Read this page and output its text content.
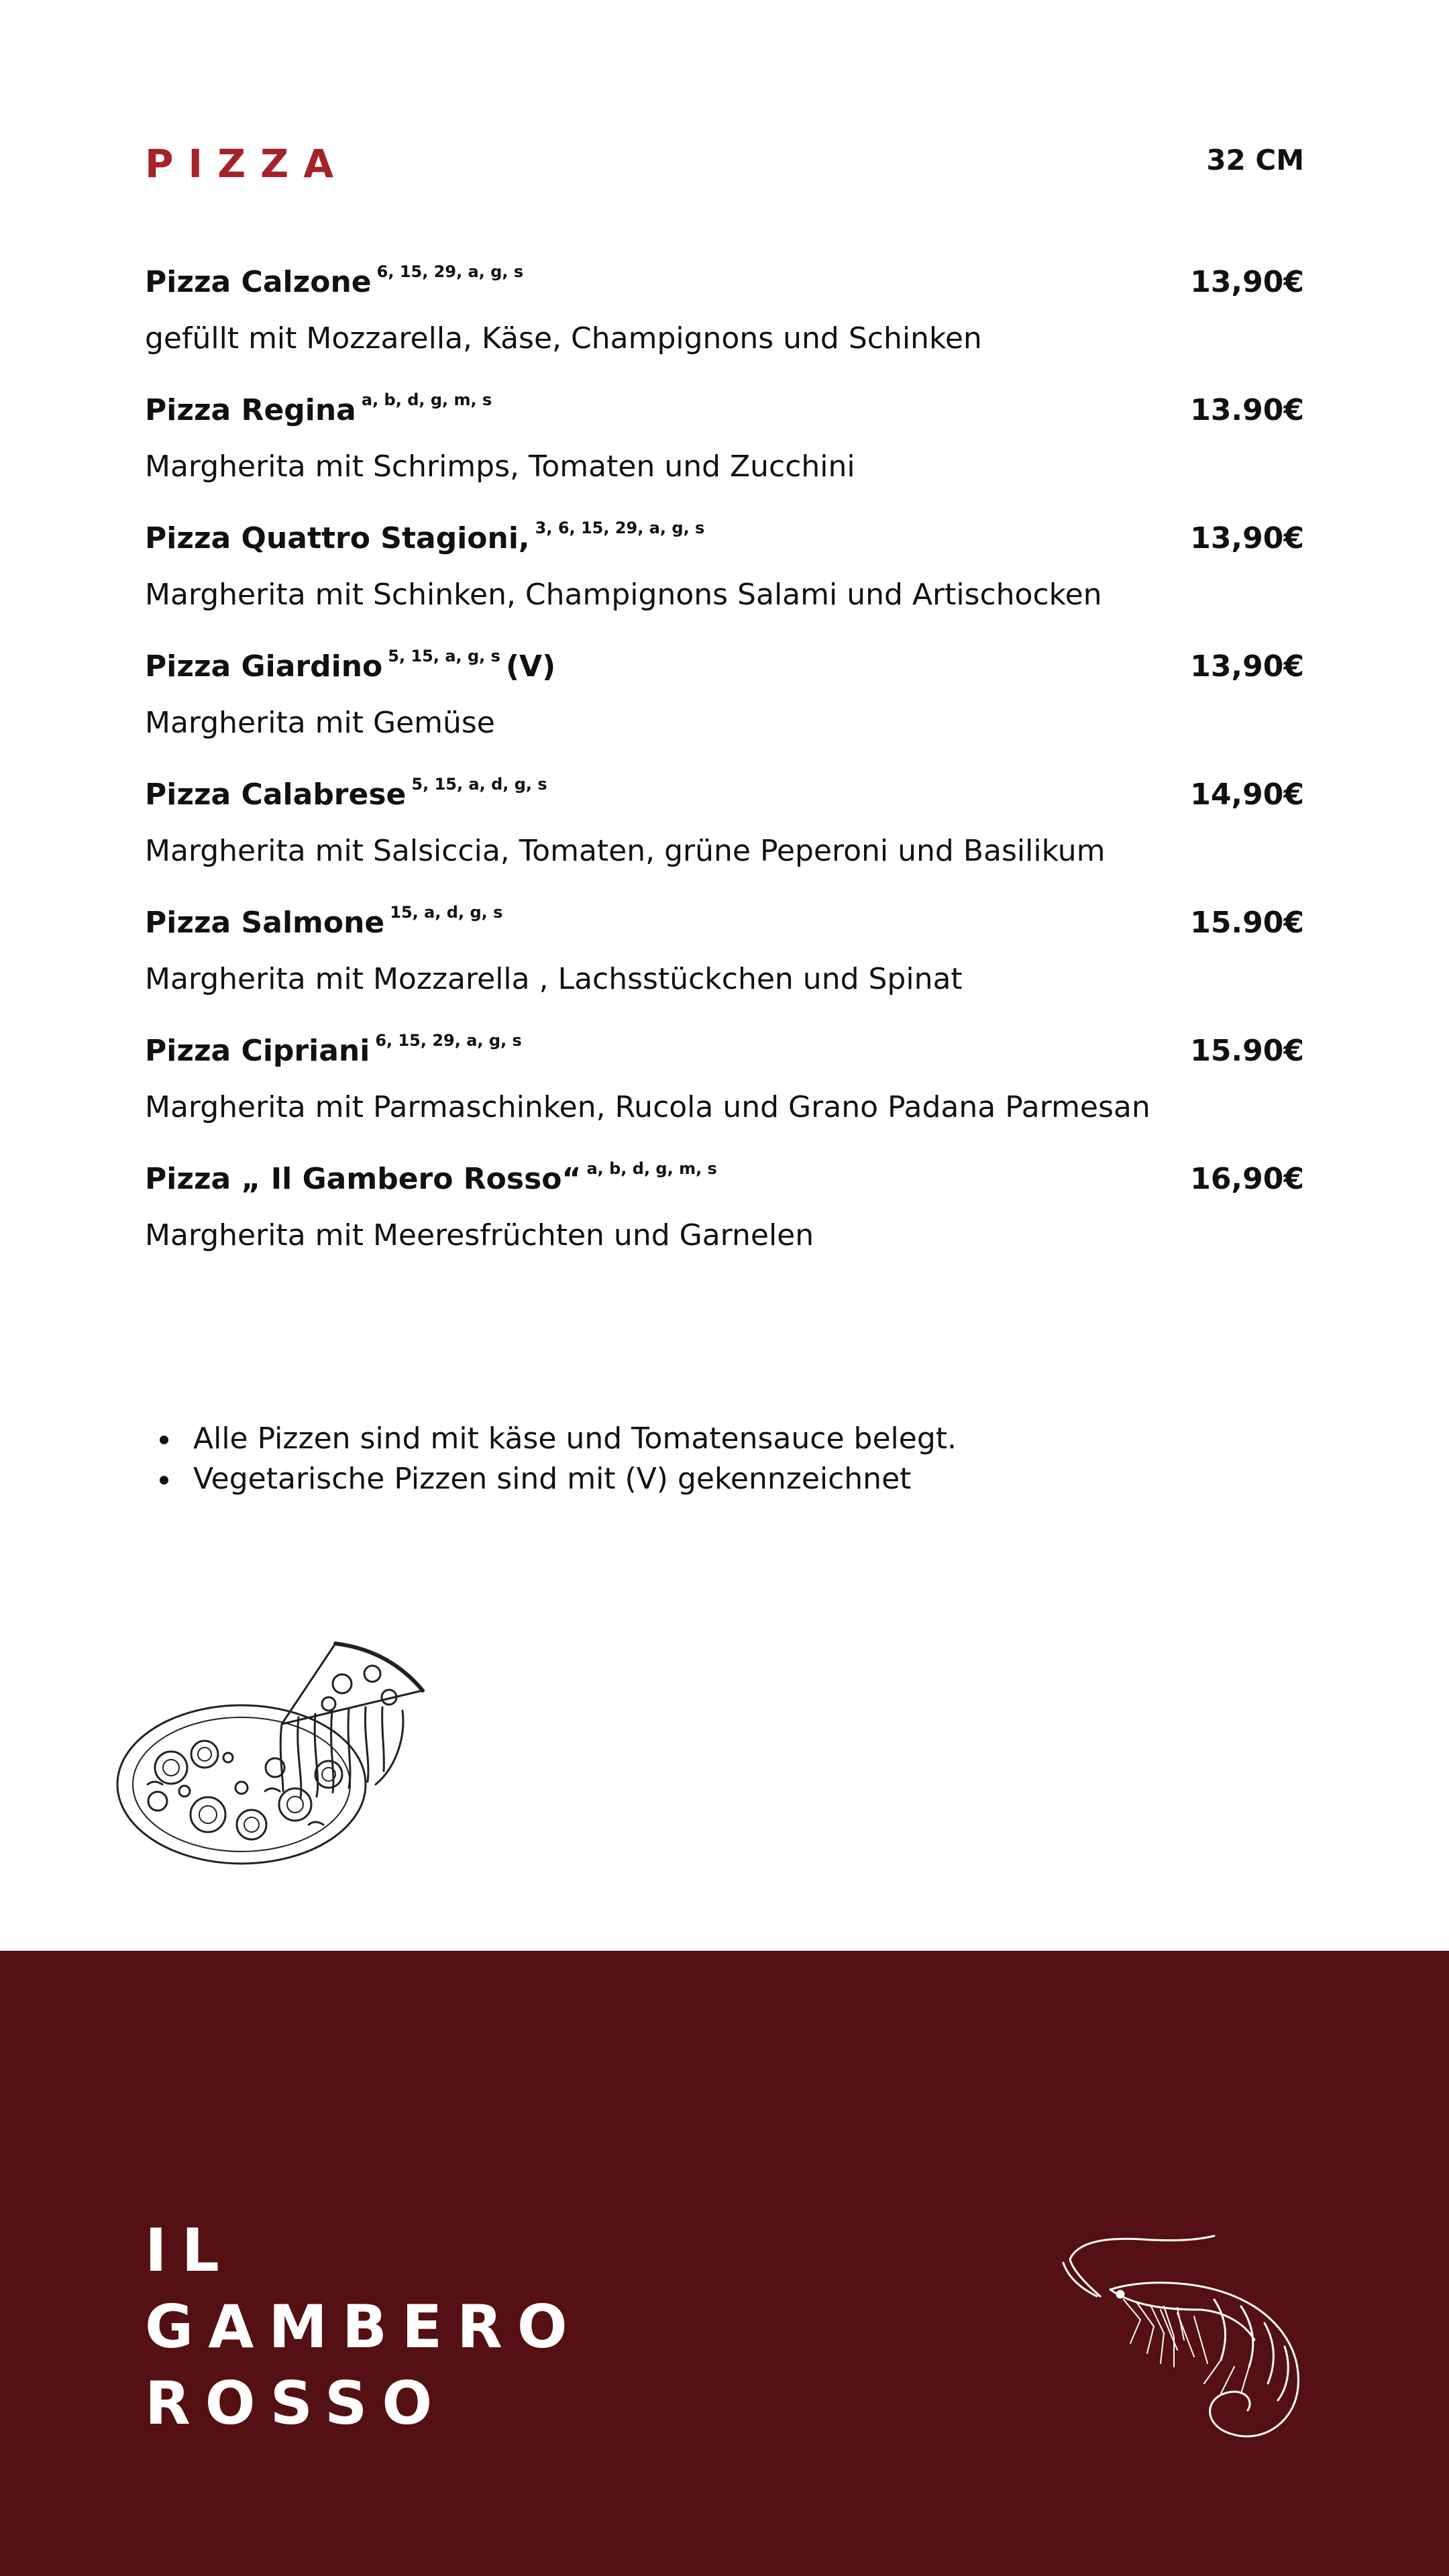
PIZZA	32 CM
Pizza Calzone $^{6, 15, 29, a, g, s}$	13,90€
gefüllt mit Mozzarella, Käse, Champignons und Schinken
Pizza Regina $^{a, b, d, g, m, s}$	13.90€
Margherita mit Schrimps, Tomaten und Zucchini
Pizza Quattro Stagioni, $^{3, 6, 15, 29, a, g, s}$	13,90€
Margherita mit Schinken, Champignons Salami und Artischocken
Pizza Giardino $^{5, 15, a, g, s}$ (V)	13,90€
Margherita mit Gemüse
Pizza Calabrese $^{5, 15, a, d, g, s}$	14,90€
Margherita mit Salsiccia, Tomaten, grüne Peperoni und Basilikum
Pizza Salmone $^{15, a, d, g, s}$	15.90€
Margherita mit Mozzarella , Lachsstückchen und Spinat
Pizza Cipriani $^{6, 15, 29, a, g, s}$	15.90€
Margherita mit Parmaschinken, Rucola und Grano Padana Parmesan
Pizza „ Il Gambero Rosso“ $^{a, b, d, g, m, s}$	16,90€
Margherita mit Meeresfrüchten und Garnelen
Alle Pizzen sind mit käse und Tomatensauce belegt.
Vegetarische Pizzen sind mit (V) gekennzeichnet
IL
GAMBERO
ROSSO
